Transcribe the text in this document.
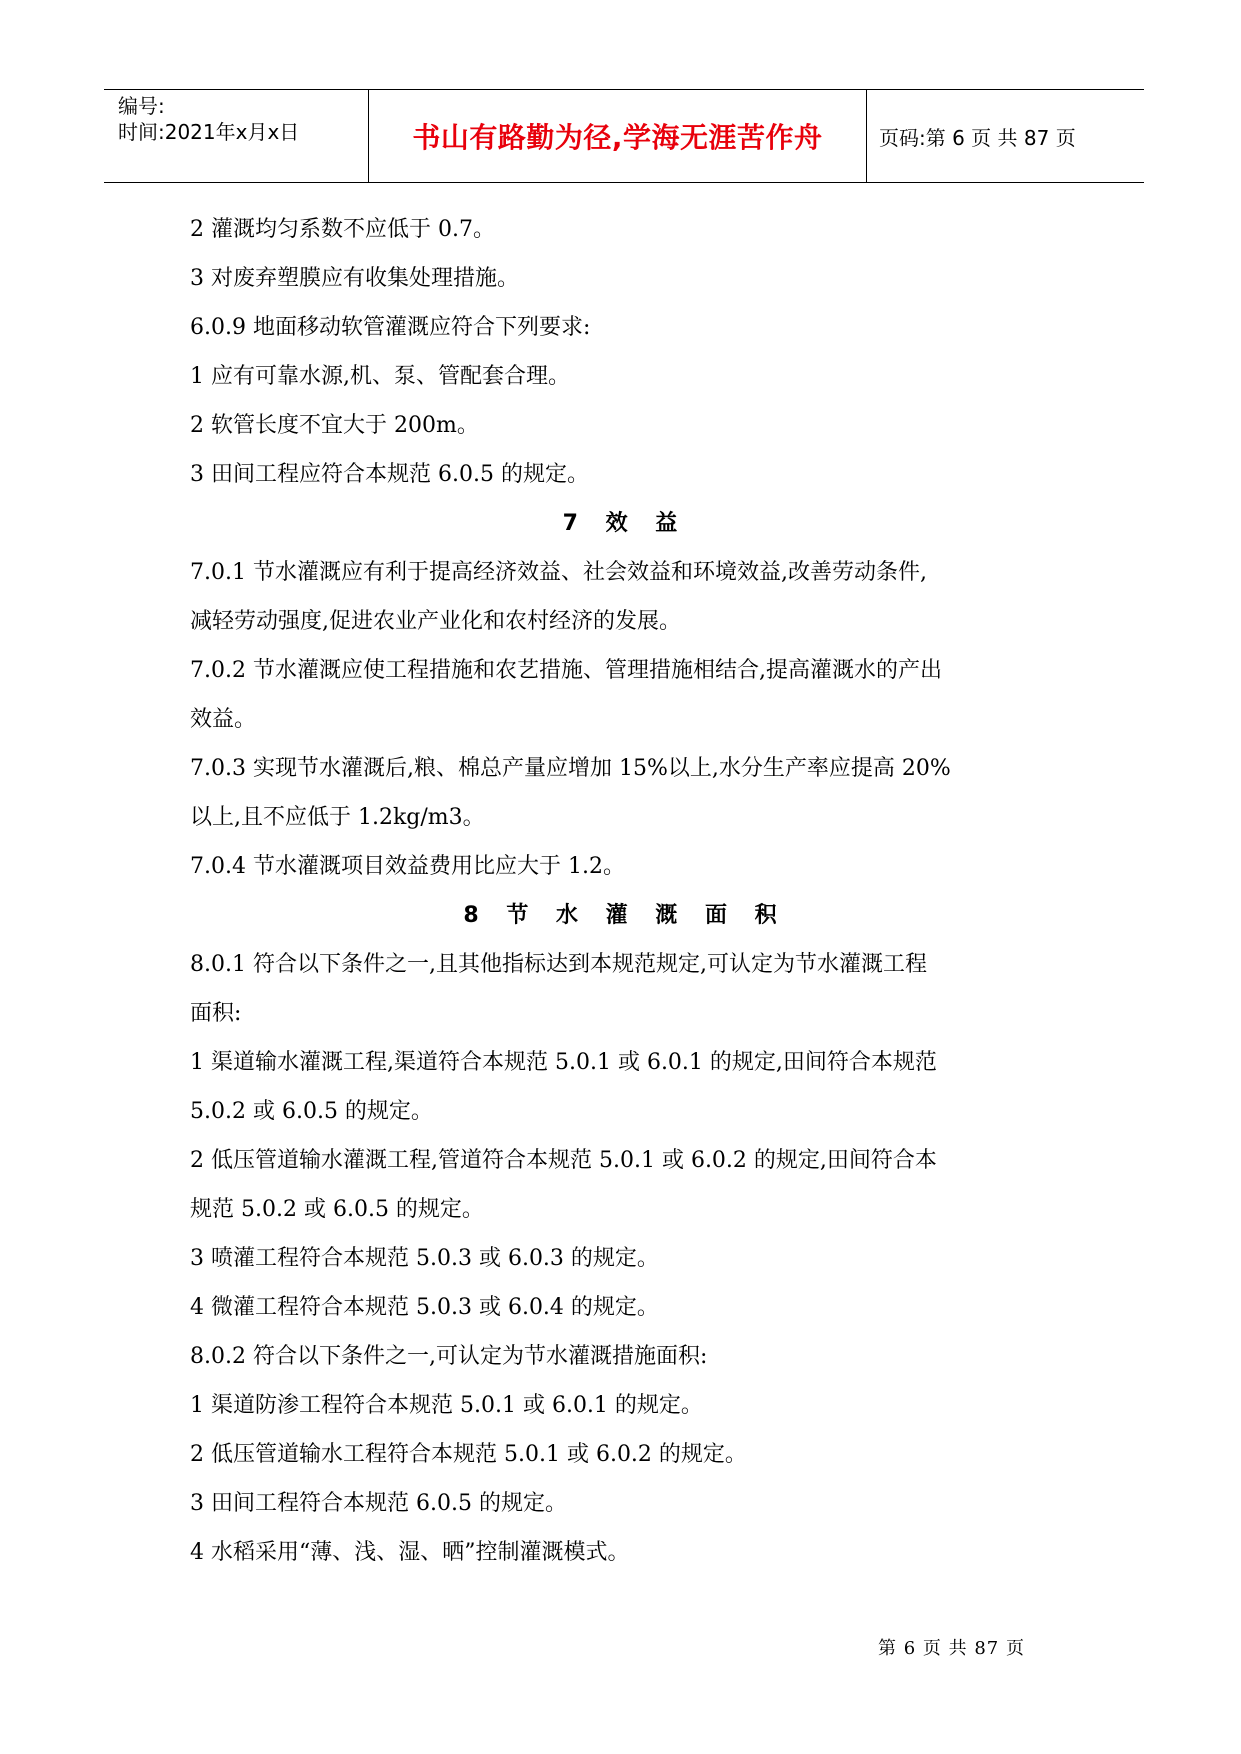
编号:
时间:2021年x月x日	书山有路勤为径,学海无涯苦作舟	页码:第 6 页 共 87 页
2 灌溉均匀系数不应低于 0.7。
3 对废弃塑膜应有收集处理措施。
6.0.9 地面移动软管灌溉应符合下列要求:
1 应有可靠水源,机、泵、管配套合理。
2 软管长度不宜大于 200m。
3 田间工程应符合本规范 6.0.5 的规定。
7 效 益
7.0.1 节水灌溉应有利于提高经济效益、社会效益和环境效益,改善劳动条件,
减轻劳动强度,促进农业产业化和农村经济的发展。
7.0.2 节水灌溉应使工程措施和农艺措施、管理措施相结合,提高灌溉水的产出
效益。
7.0.3 实现节水灌溉后,粮、棉总产量应增加 15%以上,水分生产率应提高 20%
以上,且不应低于 1.2kg/m3。
7.0.4 节水灌溉项目效益费用比应大于 1.2。
8 节 水 灌 溉 面 积
8.0.1 符合以下条件之一,且其他指标达到本规范规定,可认定为节水灌溉工程
面积:
1 渠道输水灌溉工程,渠道符合本规范 5.0.1 或 6.0.1 的规定,田间符合本规范
5.0.2 或 6.0.5 的规定。
2 低压管道输水灌溉工程,管道符合本规范 5.0.1 或 6.0.2 的规定,田间符合本
规范 5.0.2 或 6.0.5 的规定。
3 喷灌工程符合本规范 5.0.3 或 6.0.3 的规定。
4 微灌工程符合本规范 5.0.3 或 6.0.4 的规定。
8.0.2 符合以下条件之一,可认定为节水灌溉措施面积:
1 渠道防渗工程符合本规范 5.0.1 或 6.0.1 的规定。
2 低压管道输水工程符合本规范 5.0.1 或 6.0.2 的规定。
3 田间工程符合本规范 6.0.5 的规定。
4 水稻采用“薄、浅、湿、晒”控制灌溉模式。
第 6 页 共 87 页
